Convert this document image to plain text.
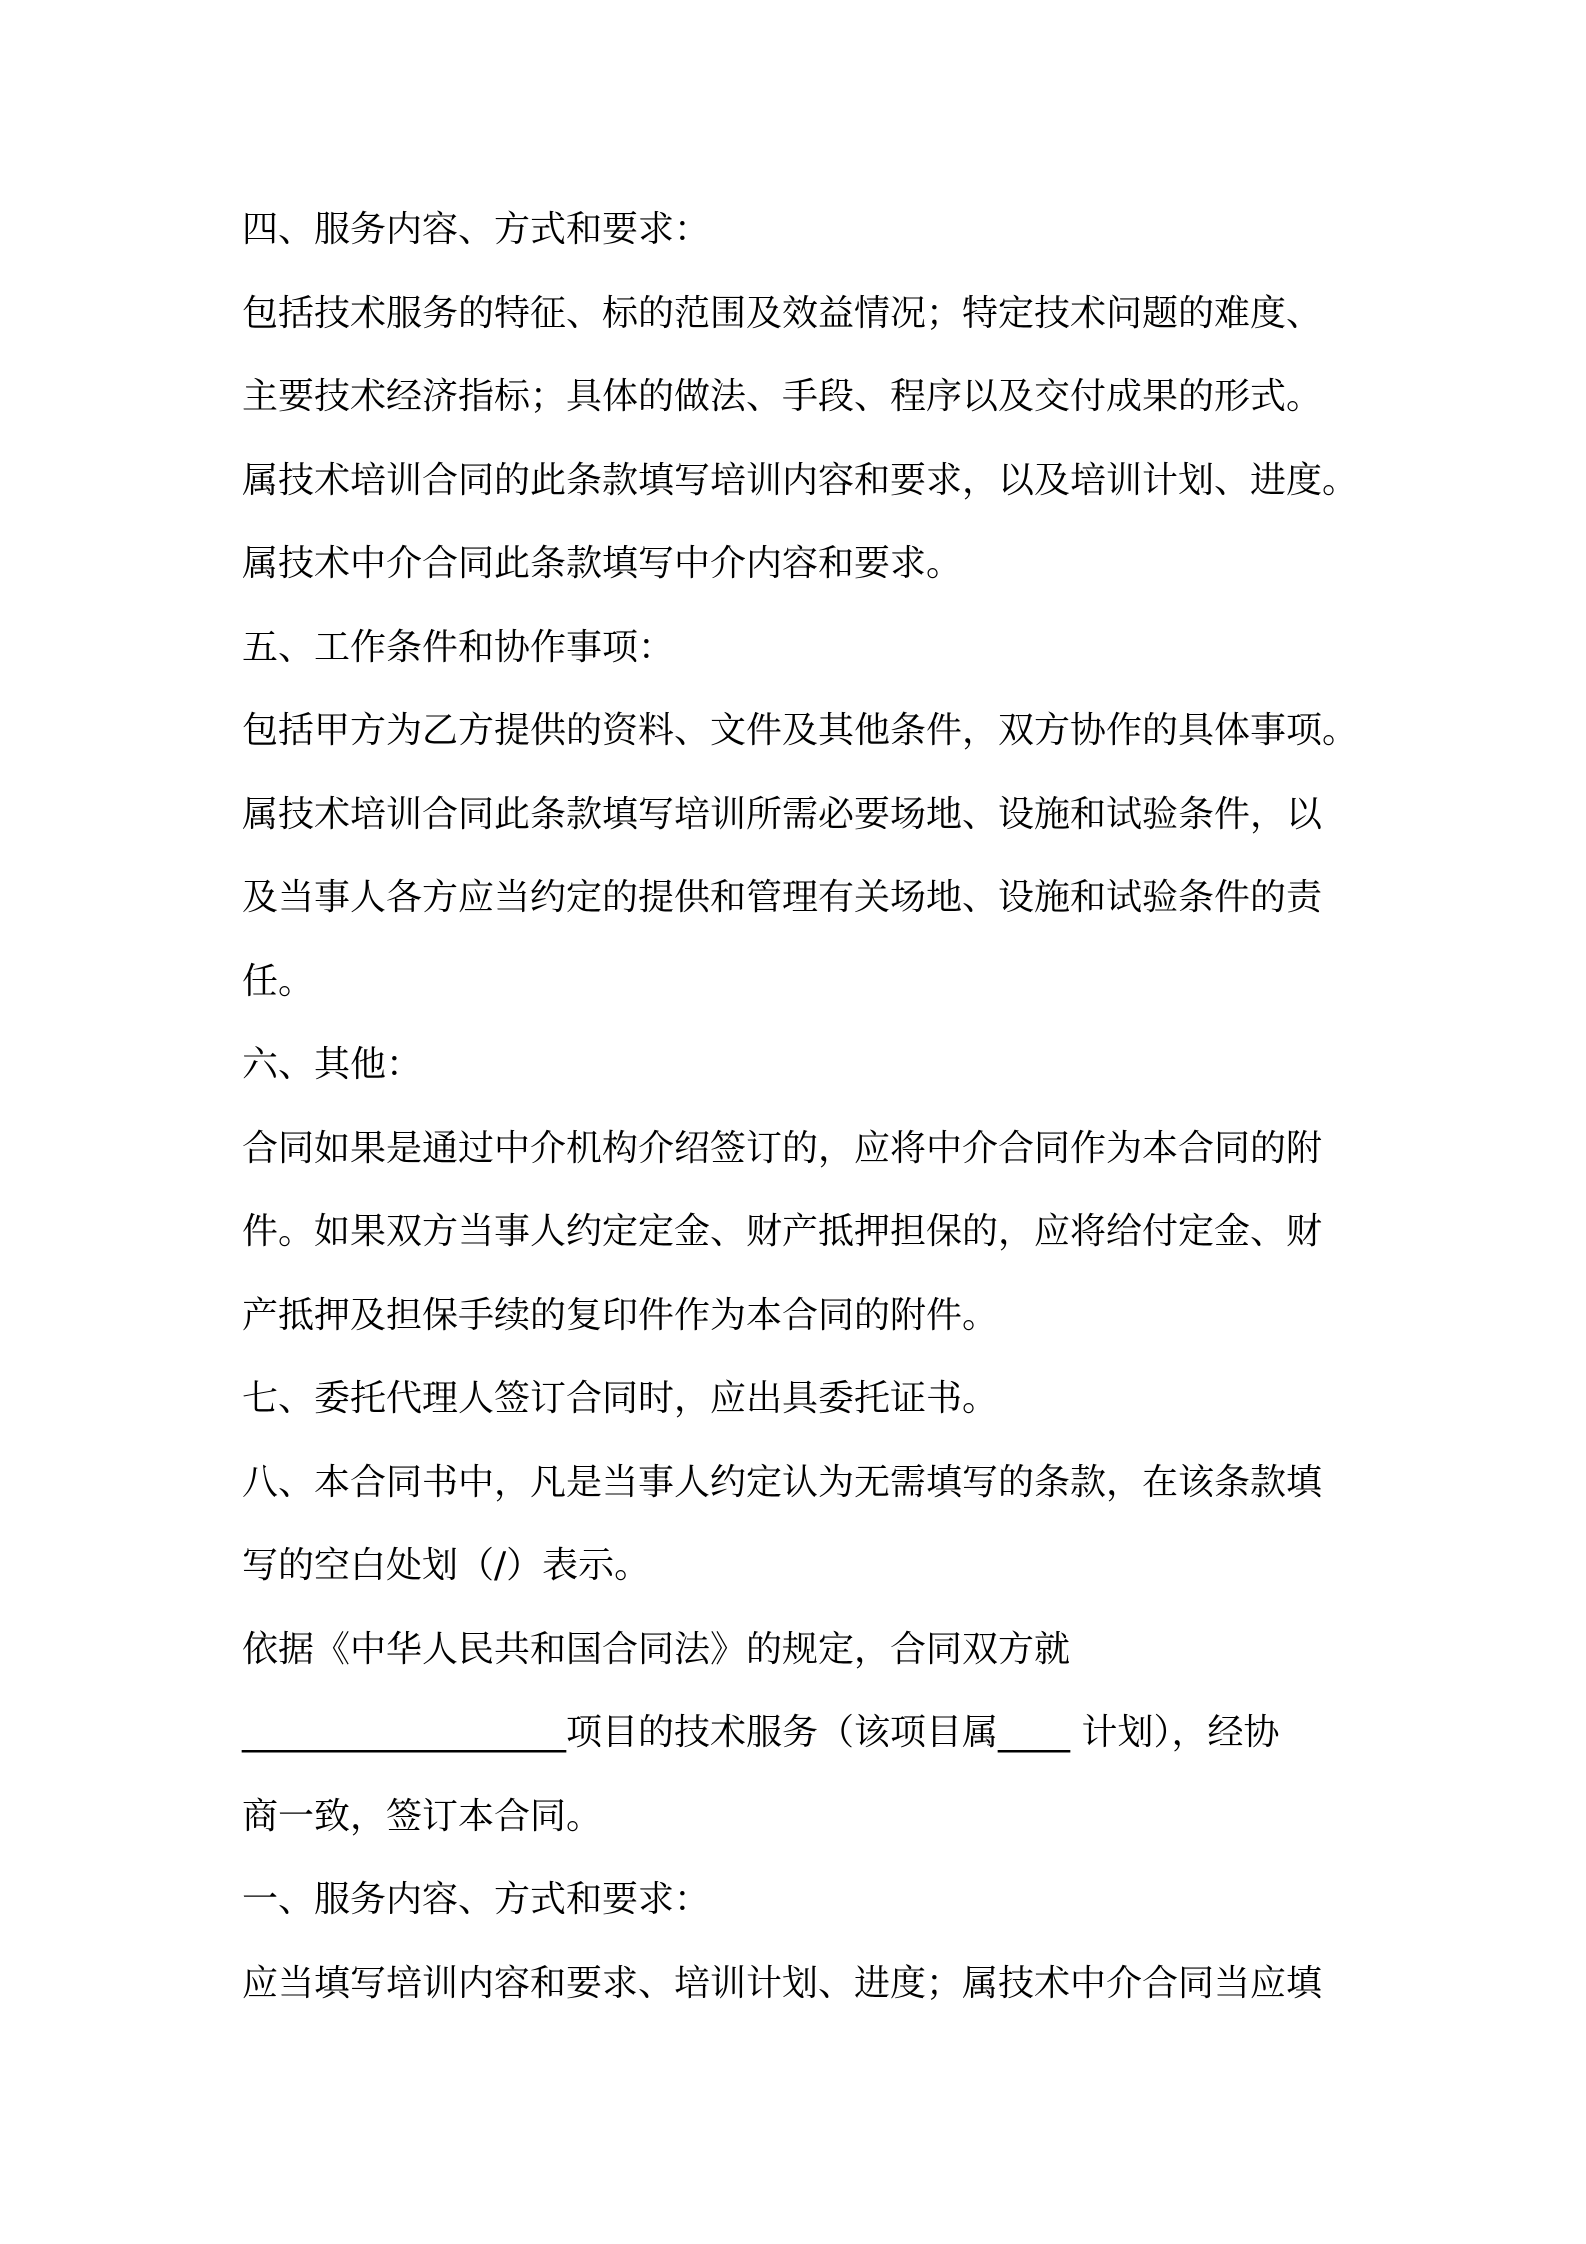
四、服务内容、方式和要求：
包括技术服务的特征、标的范围及效益情况；特定技术问题的难度、
主要技术经济指标；具体的做法、手段、程序以及交付成果的形式。
属技术培训合同的此条款填写培训内容和要求，以及培训计划、进度。
属技术中介合同此条款填写中介内容和要求。
五、工作条件和协作事项：
包括甲方为乙方提供的资料、文件及其他条件，双方协作的具体事项。
属技术培训合同此条款填写培训所需必要场地、设施和试验条件，以
及当事人各方应当约定的提供和管理有关场地、设施和试验条件的责
任。
六、其他：
合同如果是通过中介机构介绍签订的，应将中介合同作为本合同的附
件。如果双方当事人约定定金、财产抵押担保的，应将给付定金、财
产抵押及担保手续的复印件作为本合同的附件。
七、委托代理人签订合同时，应出具委托证书。
八、本合同书中，凡是当事人约定认为无需填写的条款，在该条款填
写的空白处划（/）表示。
依据《中华人民共和国合同法》的规定，合同双方就
__________________项目的技术服务（该项目属____ 计划），经协
商一致，签订本合同。
一、服务内容、方式和要求：
应当填写培训内容和要求、培训计划、进度；属技术中介合同当应填
